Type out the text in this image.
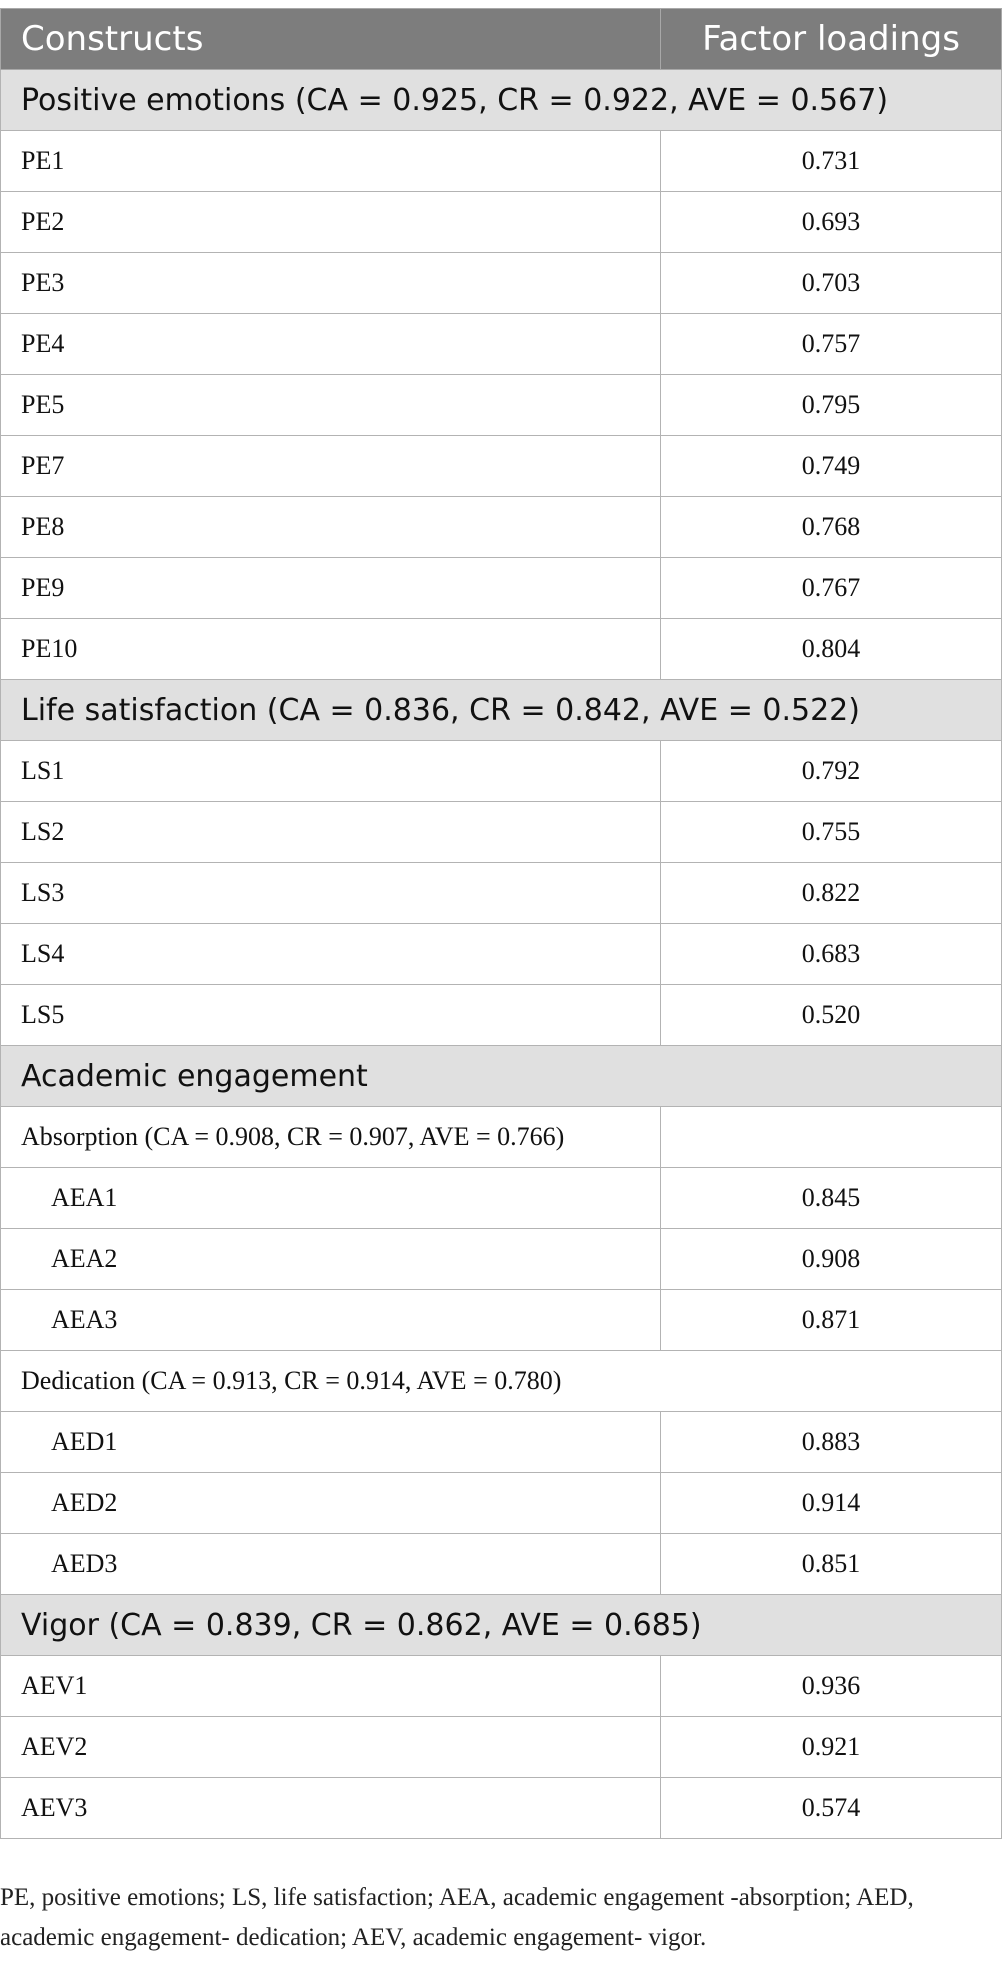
Constructs	Factor loadings
Positive emotions (CA = 0.925, CR = 0.922, AVE = 0.567)	
PE1	0.731
PE2	0.693
PE3	0.703
PE4	0.757
PE5	0.795
PE7	0.749
PE8	0.768
PE9	0.767
PE10	0.804
Life satisfaction (CA = 0.836, CR = 0.842, AVE = 0.522)	
LS1	0.792
LS2	0.755
LS3	0.822
LS4	0.683
LS5	0.520
Academic engagement	
Absorption (CA = 0.908, CR = 0.907, AVE = 0.766)	
AEA1	0.845
AEA2	0.908
AEA3	0.871
Dedication (CA = 0.913, CR = 0.914, AVE = 0.780)	
AED1	0.883
AED2	0.914
AED3	0.851
Vigor (CA = 0.839, CR = 0.862, AVE = 0.685)	
AEV1	0.936
AEV2	0.921
AEV3	0.574

PE, positive emotions; LS, life satisfaction; AEA, academic engagement -absorption; AED, academic engagement- dedication; AEV, academic engagement- vigor.
